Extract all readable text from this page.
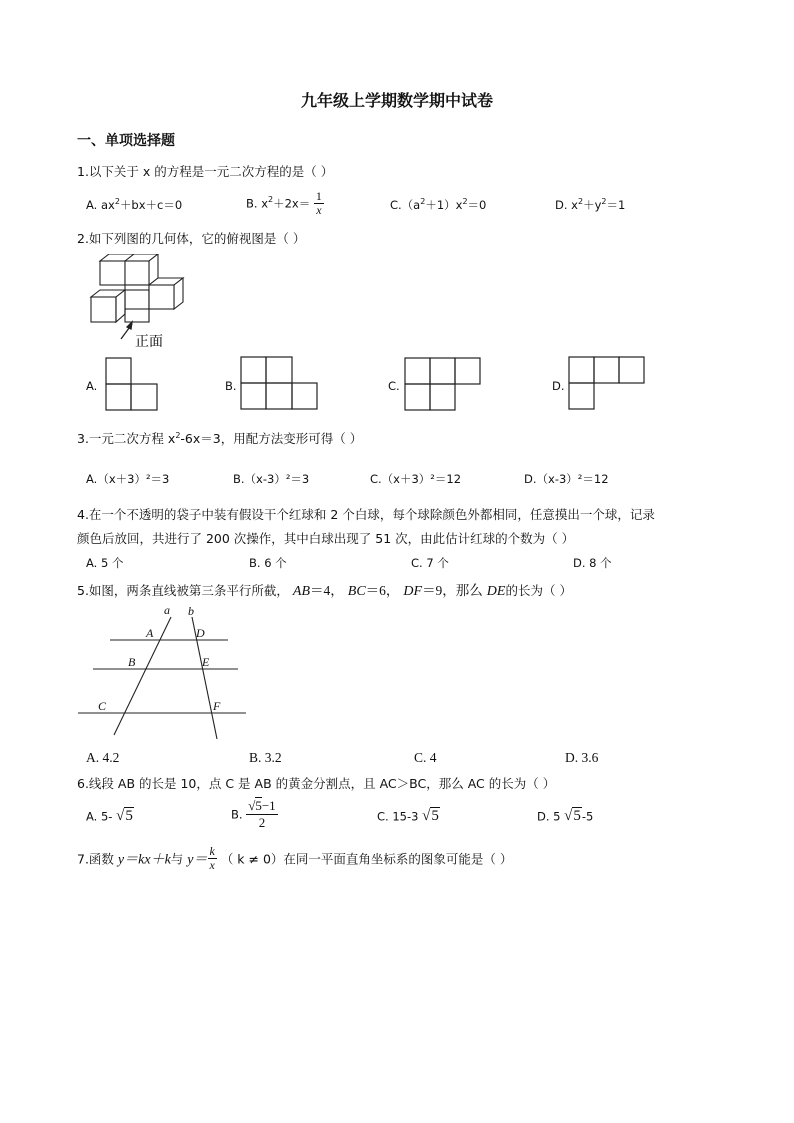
九年级上学期数学期中试卷
一、单项选择题
1.以下关于 x 的方程是一元二次方程的是（ ）
A. $ax^2+bx+c=0$	B. $x^2+2x= \frac{1}{x}$	$C.(a^2+1)x^2=0$	D. $x^2+y^2=1$
2.如下列图的几何体，它的俯视图是（ ）
正面
A.	B.	C.	D.
3.一元二次方程 $x^2-6x=3$，用配方法变形可得（ ）
A.（x＋3）²＝3	B.（x-3）²＝3	C.（x＋3）²＝12	D.（x-3）²＝12
4.在一个不透明的袋子中装有假设干个红球和 2 个白球，每个球除颜色外都相同，任意摸出一个球，记录
颜色后放回，共进行了 200 次操作，其中白球出现了 51 次，由此估计红球的个数为（ ）
A. 5 个	B. 6 个	C. 7 个	D. 8 个
5.如图，两条直线被第三条平行所截， AB＝4， BC＝6， DF＝9，那么 DE的长为（ ）
a b
A	D
B	E
C	F
A. 4.2	B. 3.2	C. 4	D. 3.6
6.线段 AB 的长是 10，点 C 是 AB 的黄金分割点，且 AC＞BC，那么 AC 的长为（ ）
A. 5- √5	B. $\frac{√5-1}{2}$	C. 15-3 √5	D. 5 √5-5
7.函数 y＝kx＋k与 $y= \frac{k}{x}$ （ k ≠ 0）在同一平面直角坐标系的图象可能是（ ）
